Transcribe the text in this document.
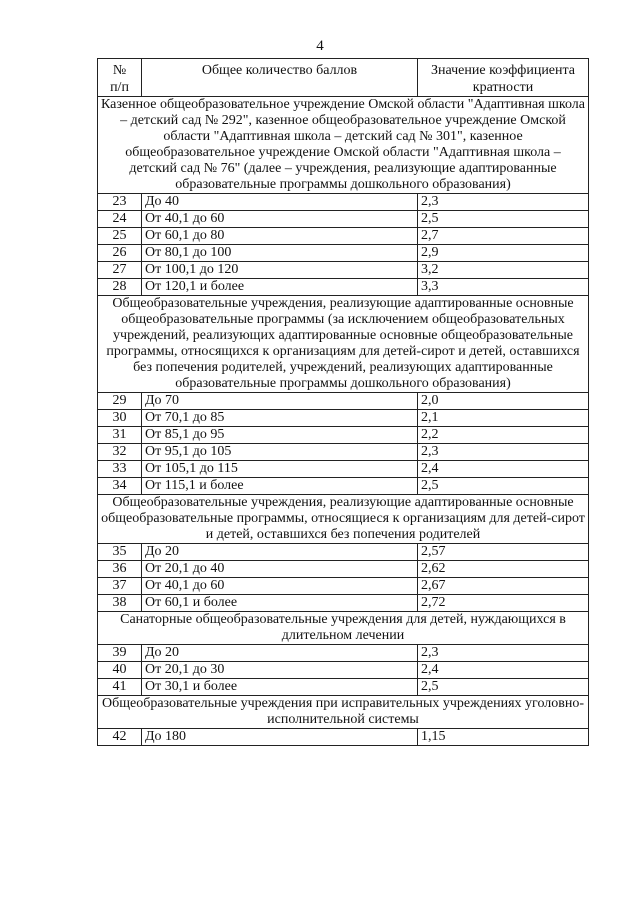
4
№
п/п	Общее количество баллов	Значение коэффициента кратности
Казенное общеобразовательное учреждение Омской области "Адаптивная школа – детский сад № 292", казенное общеобразовательное учреждение Омской области "Адаптивная школа – детский сад № 301", казенное общеобразовательное учреждение Омской области "Адаптивная школа – детский сад № 76" (далее – учреждения, реализующие адаптированные образовательные программы дошкольного образования)		
23	До 40	2,3
24	От 40,1 до 60	2,5
25	От 60,1 до 80	2,7
26	От 80,1 до 100	2,9
27	От 100,1 до 120	3,2
28	От 120,1 и более	3,3
Общеобразовательные учреждения, реализующие адаптированные основные общеобразовательные программы (за исключением общеобразовательных учреждений, реализующих адаптированные основные общеобразовательные программы, относящихся к организациям для детей-сирот и детей, оставшихся без попечения родителей, учреждений, реализующих адаптированные образовательные программы дошкольного образования)		
29	До 70	2,0
30	От 70,1 до 85	2,1
31	От 85,1 до 95	2,2
32	От 95,1 до 105	2,3
33	От 105,1 до 115	2,4
34	От 115,1 и более	2,5
Общеобразовательные учреждения, реализующие адаптированные основные общеобразовательные программы, относящиеся к организациям для детей-сирот и детей, оставшихся без попечения родителей		
35	До 20	2,57
36	От 20,1 до 40	2,62
37	От 40,1 до 60	2,67
38	От 60,1 и более	2,72
Санаторные общеобразовательные учреждения для детей, нуждающихся в длительном лечении		
39	До 20	2,3
40	От 20,1 до 30	2,4
41	От 30,1 и более	2,5
Общеобразовательные учреждения при исправительных учреждениях уголовно-исполнительной системы		
42	До 180	1,15
